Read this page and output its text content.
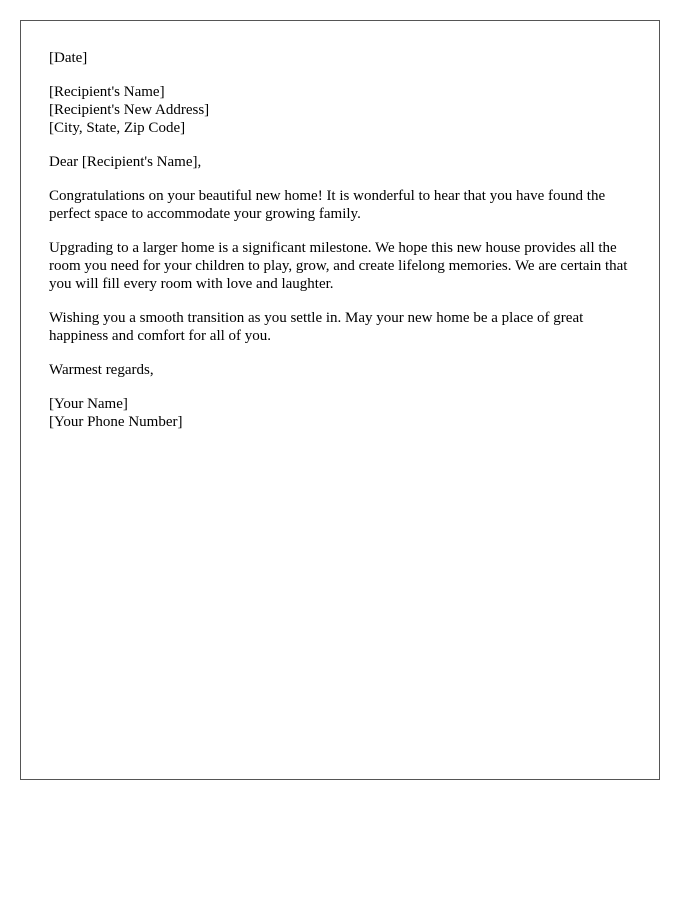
[Date]

[Recipient's Name]
[Recipient's New Address]
[City, State, Zip Code]

Dear [Recipient's Name],

Congratulations on your beautiful new home! It is wonderful to hear that you have found the perfect space to accommodate your growing family.

Upgrading to a larger home is a significant milestone. We hope this new house provides all the room you need for your children to play, grow, and create lifelong memories. We are certain that you will fill every room with love and laughter.

Wishing you a smooth transition as you settle in. May your new home be a place of great happiness and comfort for all of you.

Warmest regards,

[Your Name]
[Your Phone Number]
